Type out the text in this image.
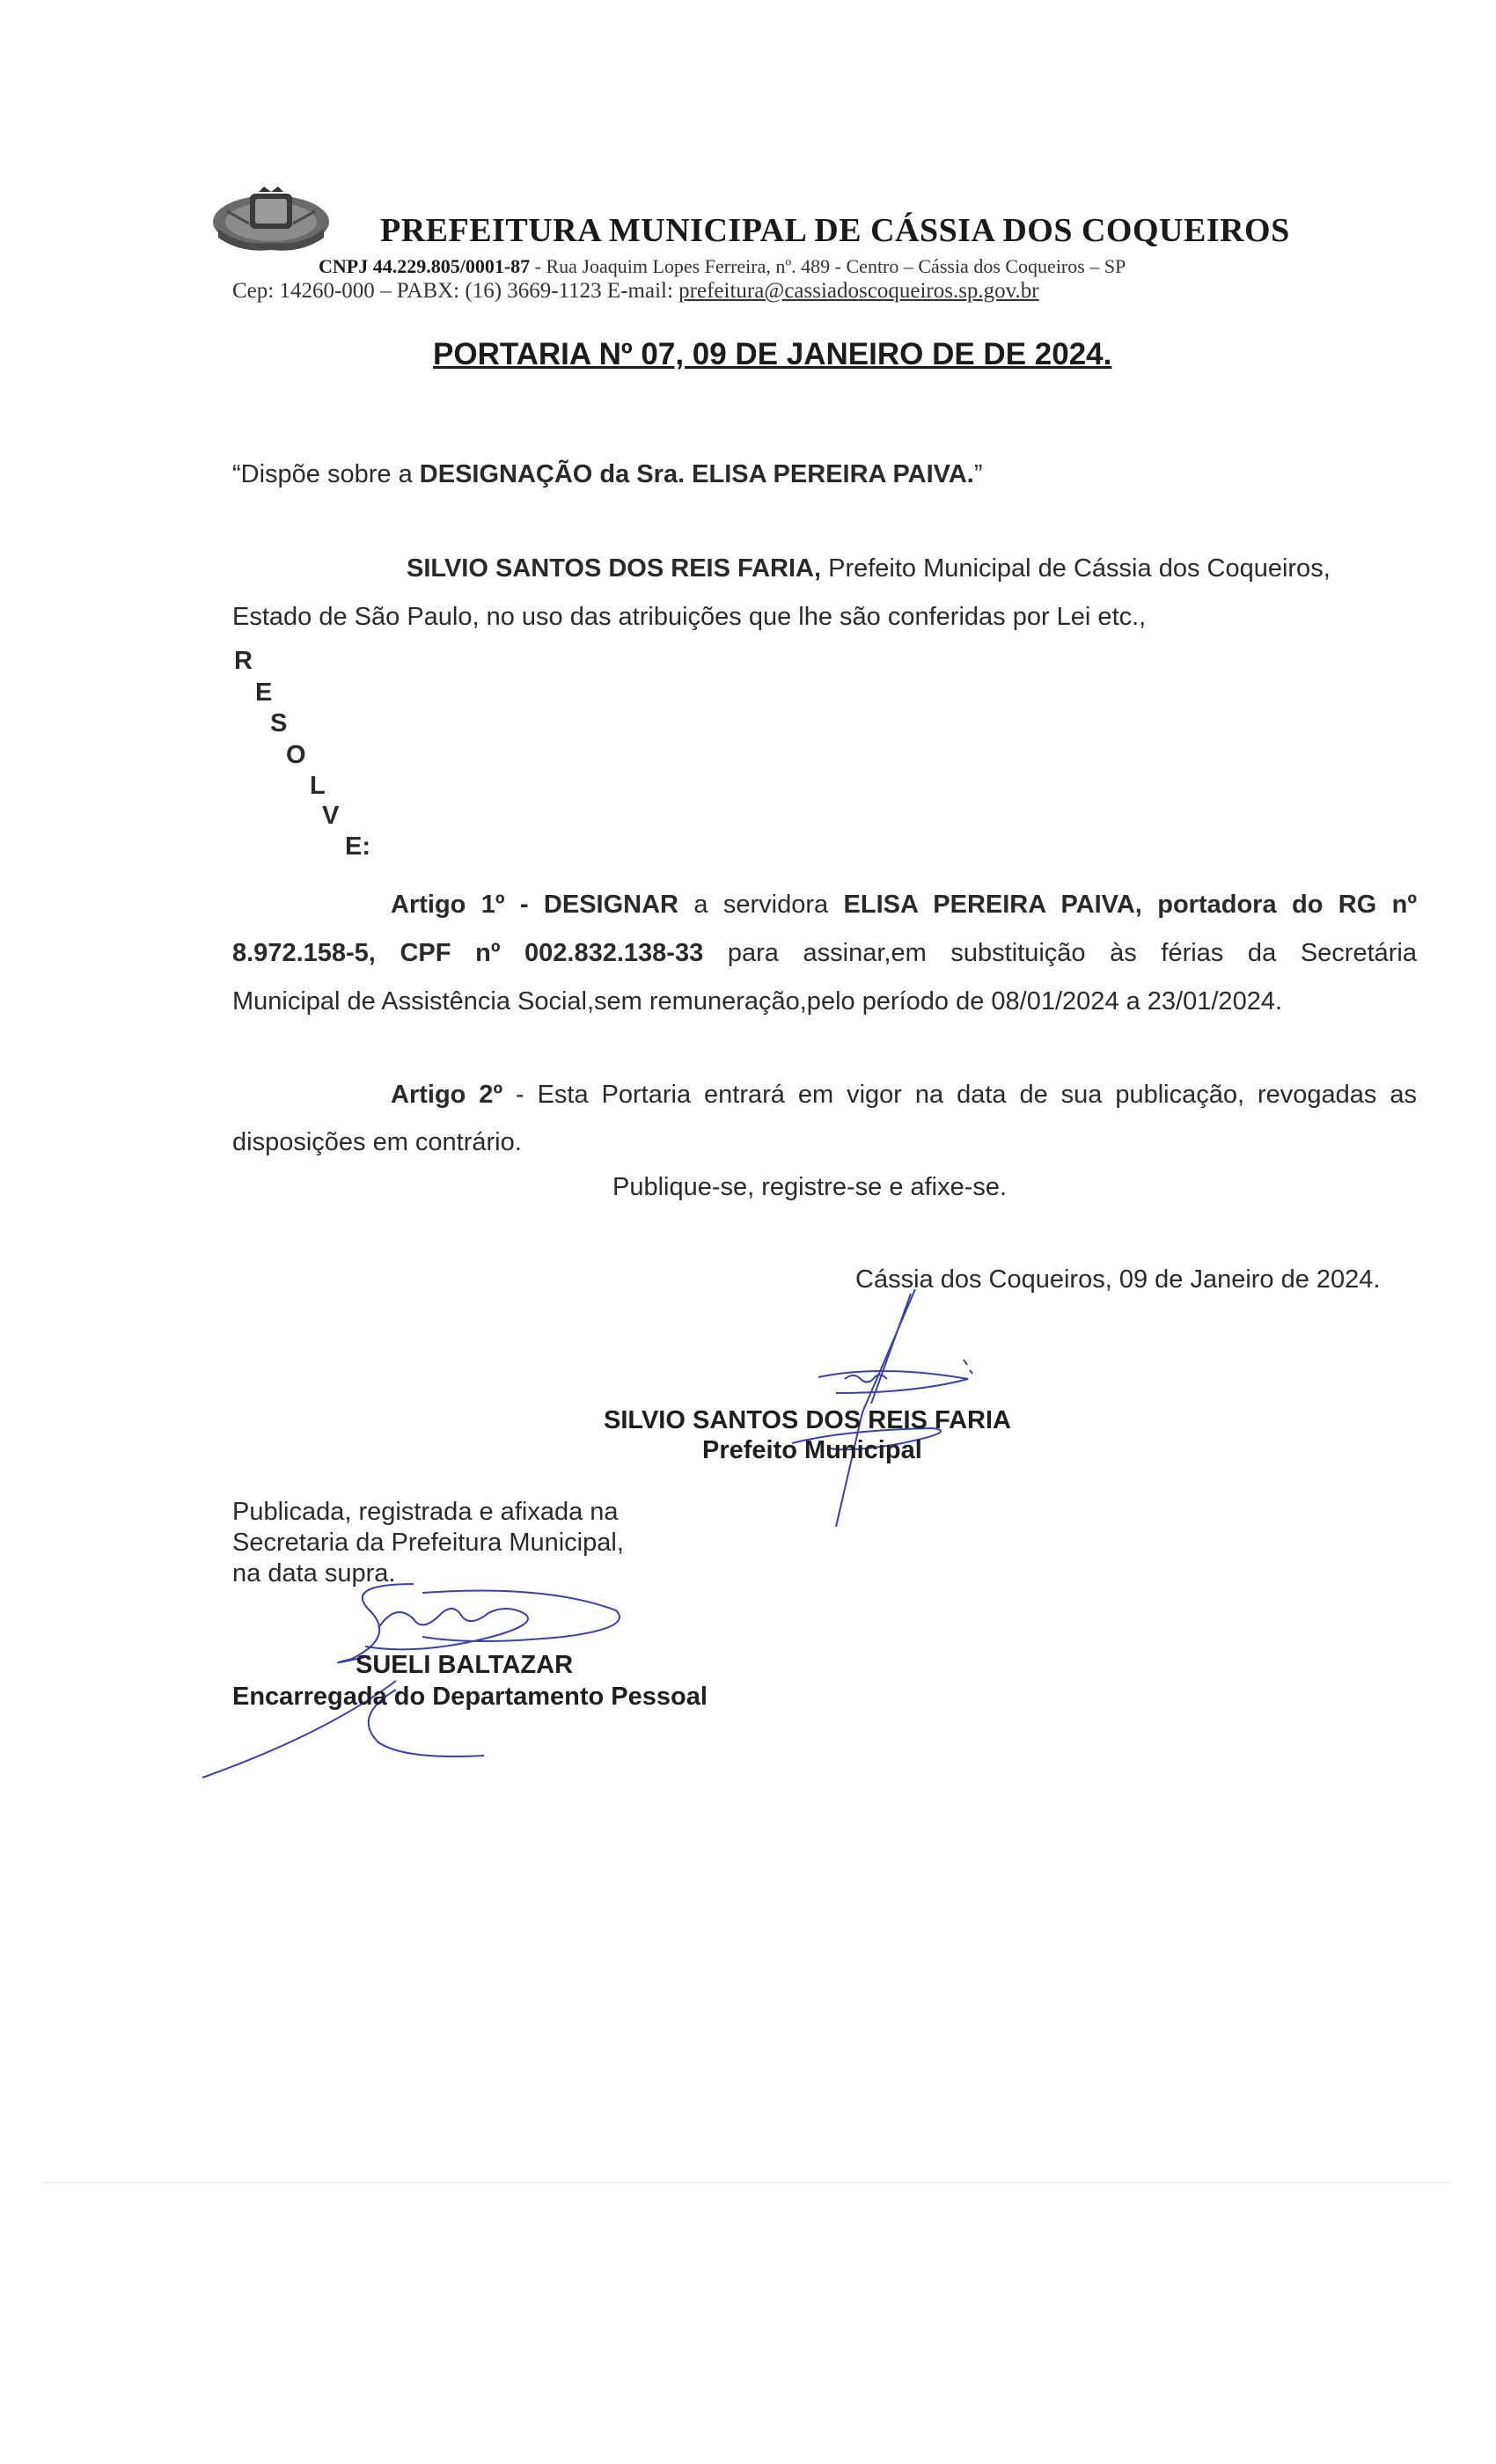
PREFEITURA MUNICIPAL DE CÁSSIA DOS COQUEIROS
CNPJ 44.229.805/0001-87 - Rua Joaquim Lopes Ferreira, nº. 489 - Centro – Cássia dos Coqueiros – SP
Cep: 14260-000 – PABX: (16) 3669-1123 E-mail: prefeitura@cassiadoscoqueiros.sp.gov.br
PORTARIA Nº 07, 09 DE JANEIRO DE DE 2024.
“Dispõe sobre a DESIGNAÇÃO da Sra. ELISA PEREIRA PAIVA.”
SILVIO SANTOS DOS REIS FARIA, Prefeito Municipal de Cássia dos Coqueiros,
Estado de São Paulo, no uso das atribuições que lhe são conferidas por Lei etc.,
R
E
S
O
L
V
E:
Artigo 1º - DESIGNAR a servidora ELISA PEREIRA PAIVA, portadora do RG nº
8.972.158-5, CPF nº 002.832.138-33 para assinar,em substituição às férias da Secretária
Municipal de Assistência Social,sem remuneração,pelo período de 08/01/2024 a 23/01/2024.
Artigo 2º - Esta Portaria entrará em vigor na data de sua publicação, revogadas as
disposições em contrário.
Publique-se, registre-se e afixe-se.
Cássia dos Coqueiros, 09 de Janeiro de 2024.
SILVIO SANTOS DOS REIS FARIA
Prefeito Municipal
Publicada, registrada e afixada na
Secretaria da Prefeitura Municipal,
na data supra.
SUELI BALTAZAR
Encarregada do Departamento Pessoal
